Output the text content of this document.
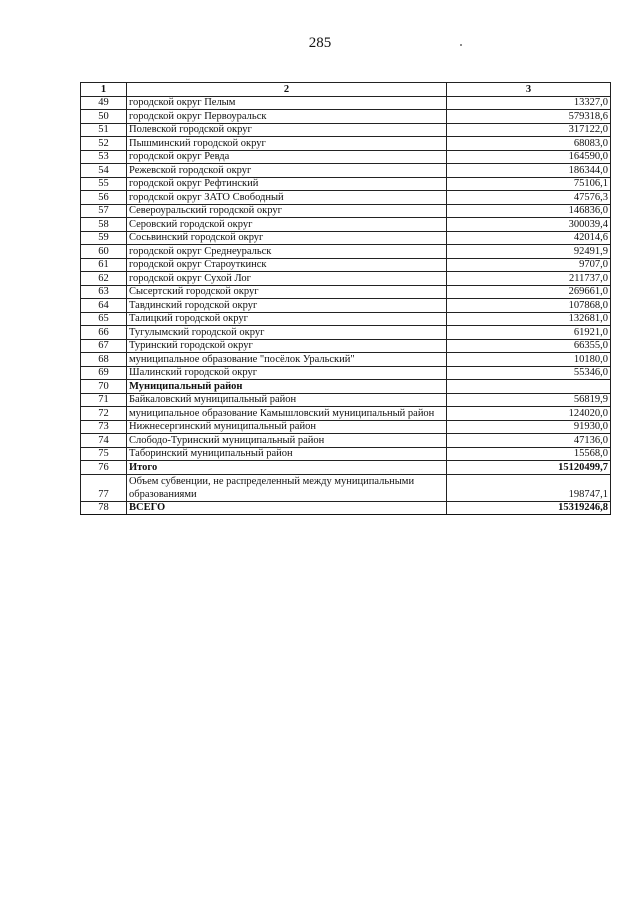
285
1	2	3
49	городской округ Пелым	13327,0
50	городской округ Первоуральск	579318,6
51	Полевской городской округ	317122,0
52	Пышминский городской округ	68083,0
53	городской округ Ревда	164590,0
54	Режевской городской округ	186344,0
55	городской округ Рефтинский	75106,1
56	городской округ ЗАТО Свободный	47576,3
57	Североуральский городской округ	146836,0
58	Серовский городской округ	300039,4
59	Сосьвинский городской округ	42014,6
60	городской округ Среднеуральск	92491,9
61	городской округ Староуткинск	9707,0
62	городской округ Сухой Лог	211737,0
63	Сысертский городской округ	269661,0
64	Тавдинский городской округ	107868,0
65	Талицкий городской округ	132681,0
66	Тугулымский городской округ	61921,0
67	Туринский городской округ	66355,0
68	муниципальное образование "посёлок Уральский"	10180,0
69	Шалинский городской округ	55346,0
70	Муниципальный район	
71	Байкаловский муниципальный район	56819,9
72	муниципальное образование Камышловский муниципальный район	124020,0
73	Нижнесергинский муниципальный район	91930,0
74	Слободо-Туринский муниципальный район	47136,0
75	Таборинский муниципальный район	15568,0
76	Итого	15120499,7
77	Объем субвенции, не распределенный между муниципальными образованиями	198747,1
78	ВСЕГО	15319246,8
